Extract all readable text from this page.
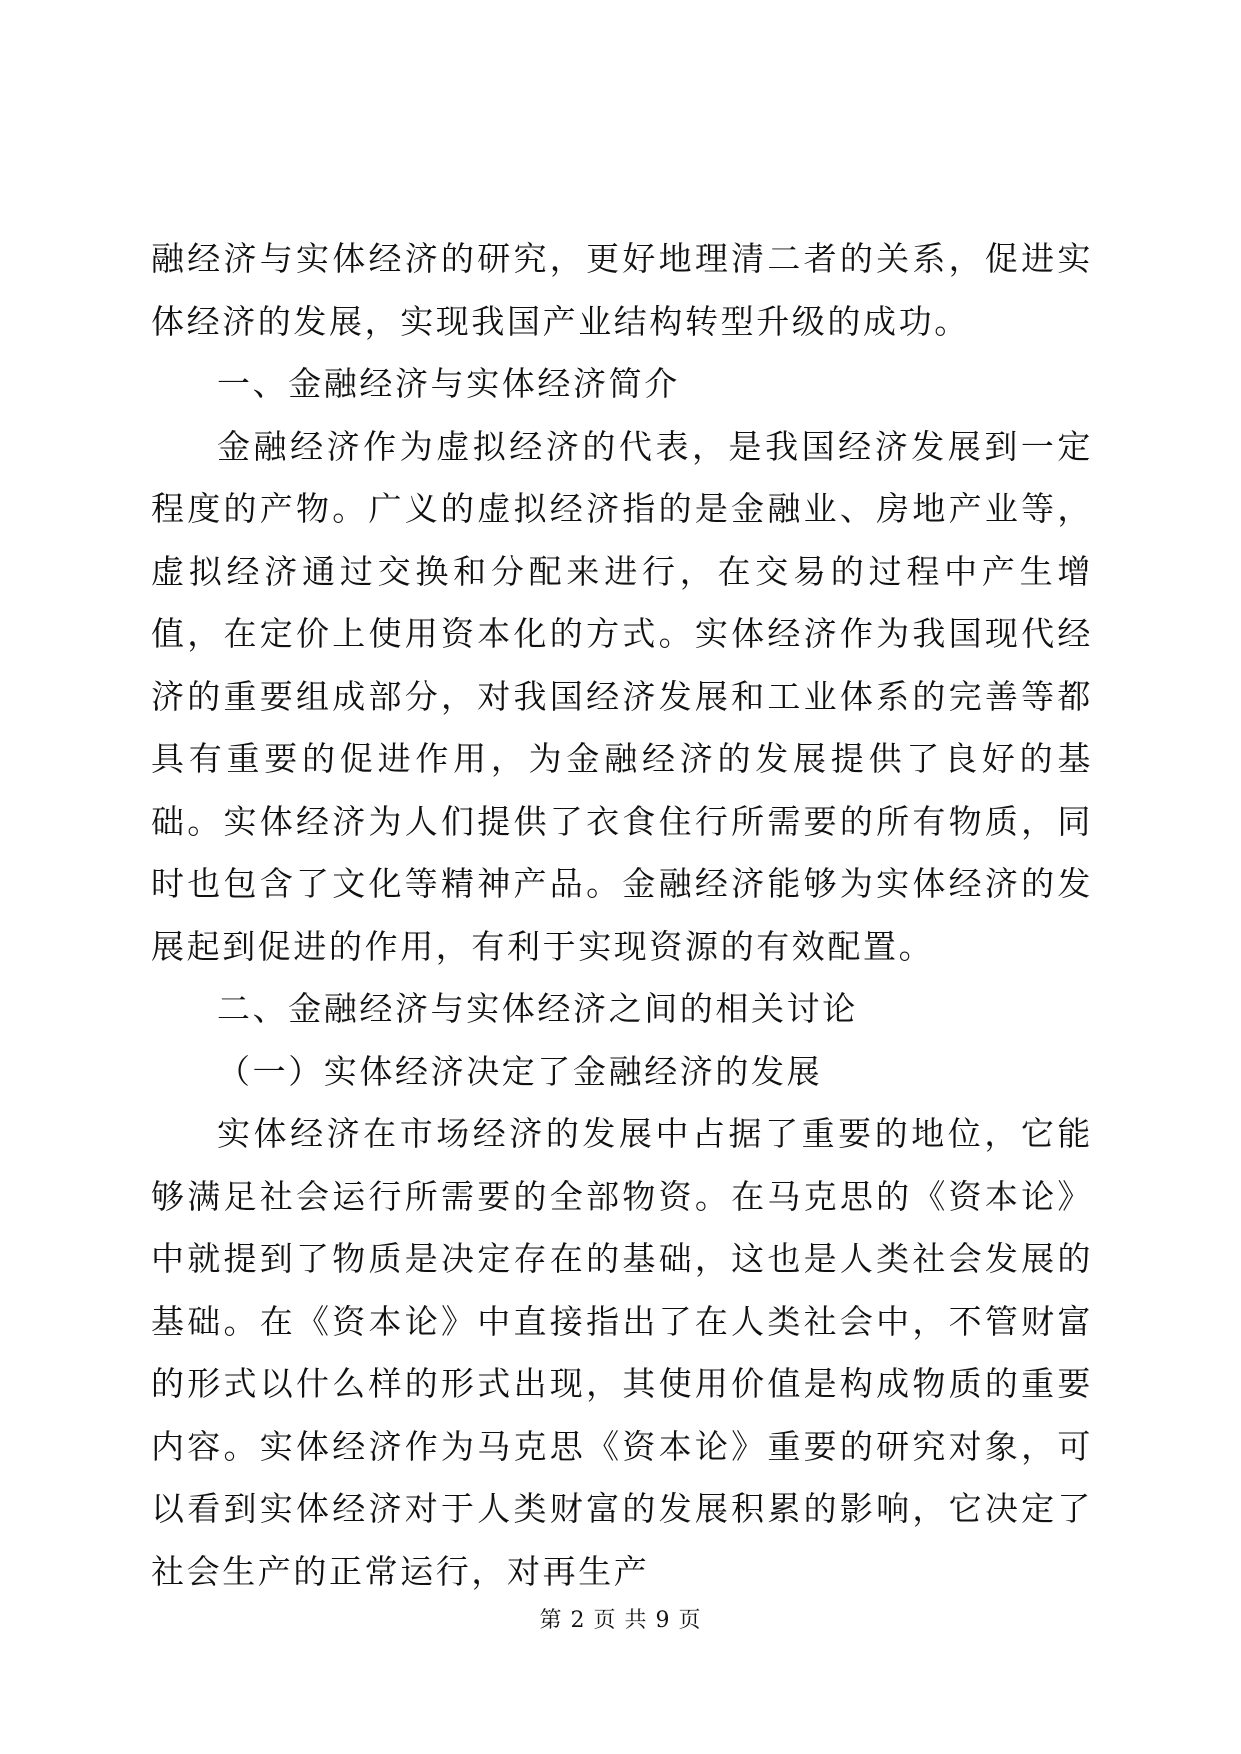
融经济与实体经济的研究，更好地理清二者的关系，促进实体经济的发展，实现我国产业结构转型升级的成功。

一、金融经济与实体经济简介

金融经济作为虚拟经济的代表，是我国经济发展到一定程度的产物。广义的虚拟经济指的是金融业、房地产业等，虚拟经济通过交换和分配来进行，在交易的过程中产生增值，在定价上使用资本化的方式。实体经济作为我国现代经济的重要组成部分，对我国经济发展和工业体系的完善等都具有重要的促进作用，为金融经济的发展提供了良好的基础。实体经济为人们提供了衣食住行所需要的所有物质，同时也包含了文化等精神产品。金融经济能够为实体经济的发展起到促进的作用，有利于实现资源的有效配置。

二、金融经济与实体经济之间的相关讨论

（一）实体经济决定了金融经济的发展

实体经济在市场经济的发展中占据了重要的地位，它能够满足社会运行所需要的全部物资。在马克思的《资本论》中就提到了物质是决定存在的基础，这也是人类社会发展的基础。在《资本论》中直接指出了在人类社会中，不管财富的形式以什么样的形式出现，其使用价值是构成物质的重要内容。实体经济作为马克思《资本论》重要的研究对象，可以看到实体经济对于人类财富的发展积累的影响，它决定了社会生产的正常运行，对再生产

第 2 页 共 9 页
